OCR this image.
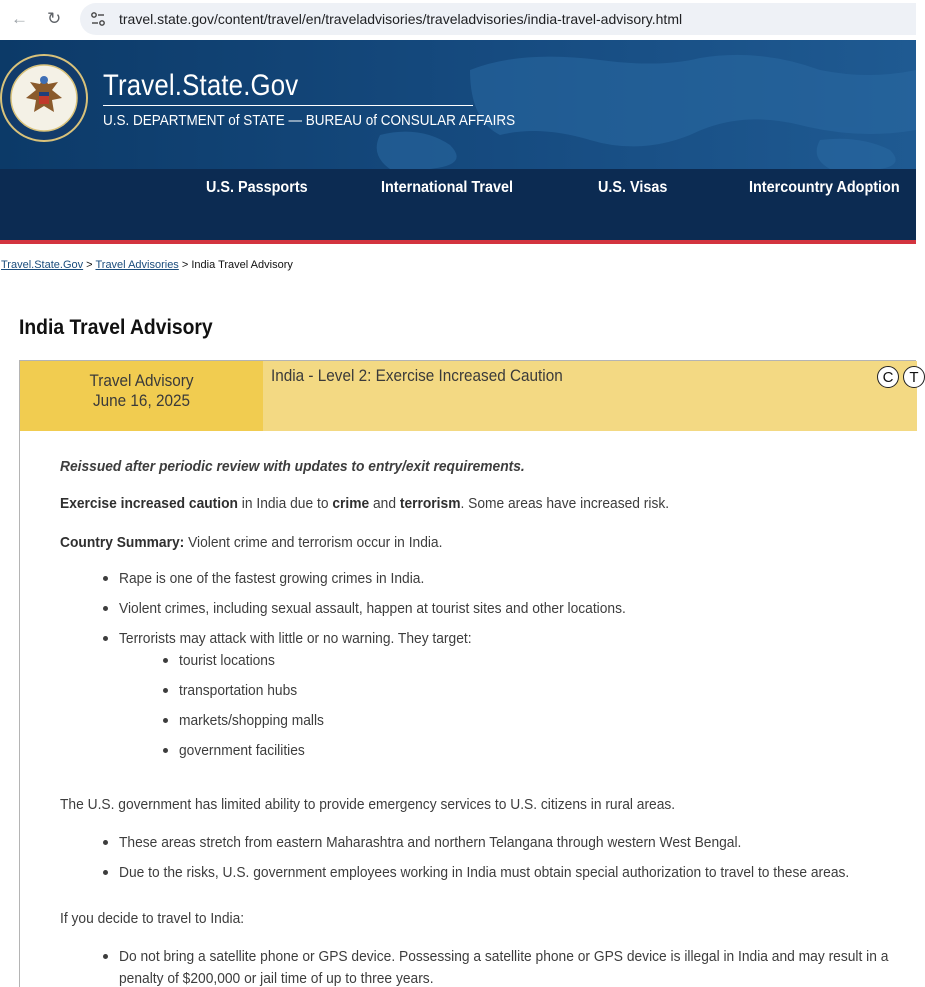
← ↻	travel.state.gov/content/travel/en/traveladvisories/traveladvisories/india-travel-advisory.html
Travel.State.Gov
U.S. DEPARTMENT of STATE — BUREAU of CONSULAR AFFAIRS
U.S. Passports	International Travel	U.S. Visas	Intercountry Adoption
Travel.State.Gov > Travel Advisories > India Travel Advisory
India Travel Advisory
Travel Advisory
June 16, 2025
India - Level 2: Exercise Increased Caution	C	T

Reissued after periodic review with updates to entry/exit requirements.

Exercise increased caution in India due to crime and terrorism. Some areas have increased risk.

Country Summary: Violent crime and terrorism occur in India.

Rape is one of the fastest growing crimes in India.
Violent crimes, including sexual assault, happen at tourist sites and other locations.
Terrorists may attack with little or no warning. They target:
tourist locations
transportation hubs
markets/shopping malls
government facilities

The U.S. government has limited ability to provide emergency services to U.S. citizens in rural areas.

These areas stretch from eastern Maharashtra and northern Telangana through western West Bengal.
Due to the risks, U.S. government employees working in India must obtain special authorization to travel to these areas.

If you decide to travel to India:

Do not bring a satellite phone or GPS device. Possessing a satellite phone or GPS device is illegal in India and may result in a
penalty of $200,000 or jail time of up to three years.
